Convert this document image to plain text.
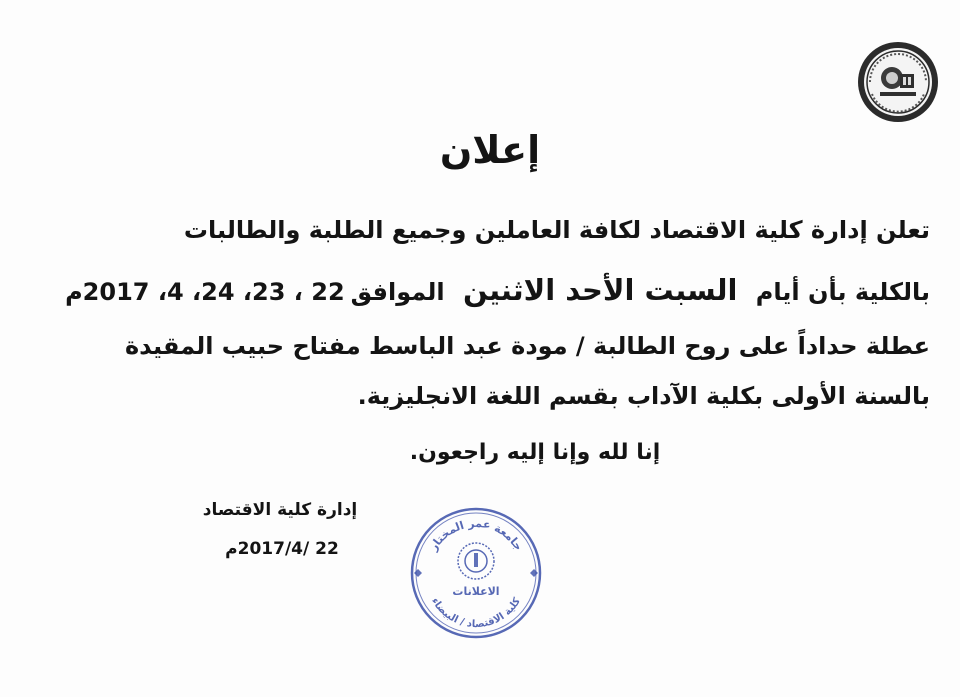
إعلان
تعلن إدارة كلية الاقتصاد لكافة العاملين وجميع الطلبة والطالبات
بالكلية بأن أيام السبت الأحد الاثنين الموافق22 ، 23، 24، 4، 2017م
عطلة حداداً على روح الطالبة / مودة عبد الباسط مفتاح حبيب المقيدة
بالسنة الأولى بكلية الآداب بقسم اللغة الانجليزية.
إنا لله وإنا إليه راجعون.
إدارة كلية الاقتصاد
22 /2017/4م	جامعة عمر المختار
الاعلانات
كلية الاقتصاد / البيضاء
